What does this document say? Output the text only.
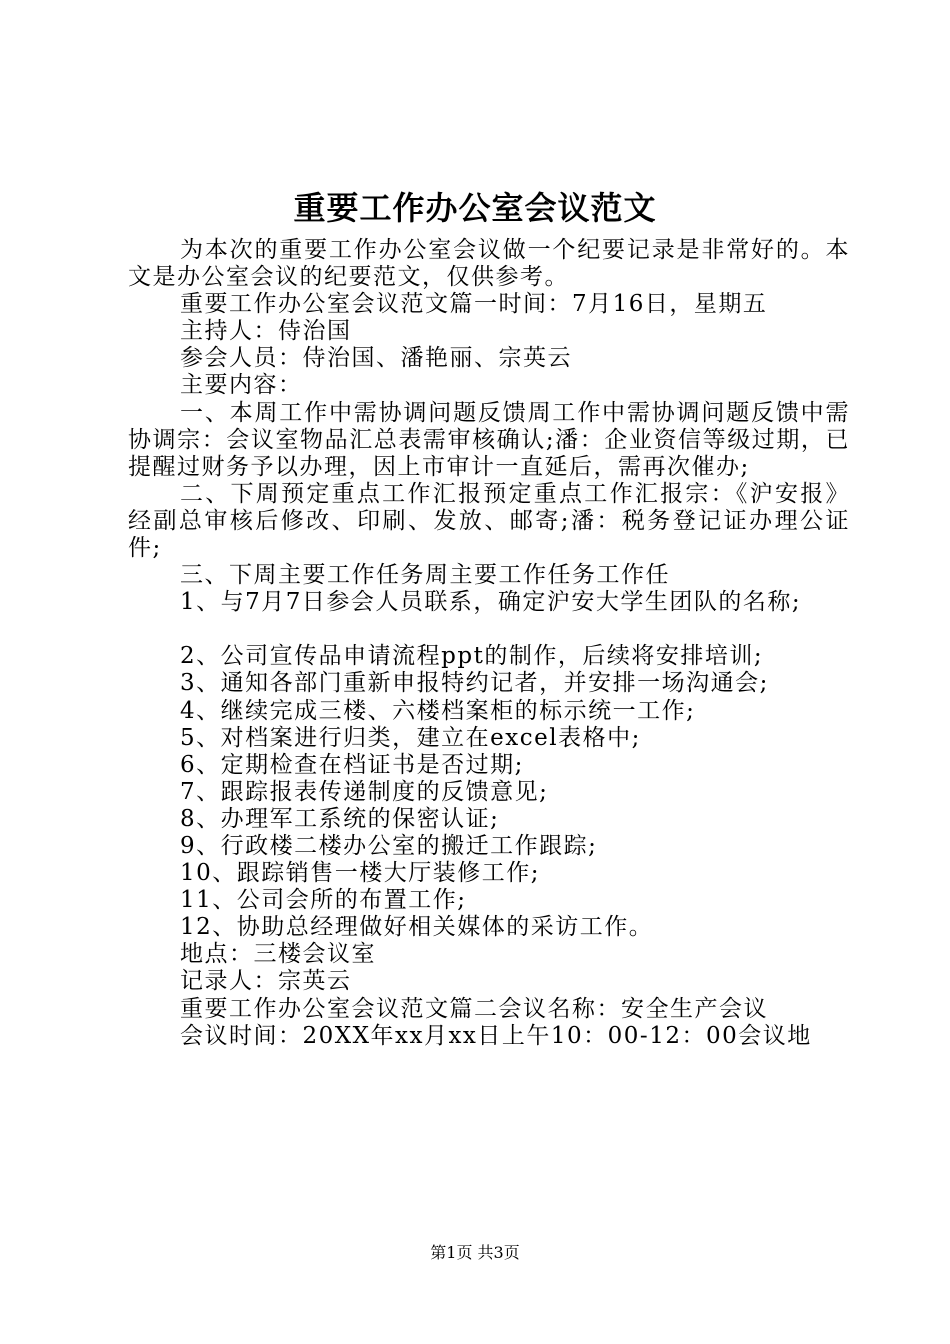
重要工作办公室会议范文

为本次的重要工作办公室会议做一个纪要记录是非常好的。本文是办公室会议的纪要范文，仅供参考。

重要工作办公室会议范文篇一时间：7月16日，星期五

主持人：侍治国

参会人员：侍治国、潘艳丽、宗英云

主要内容：

一、本周工作中需协调问题反馈周工作中需协调问题反馈中需协调宗：会议室物品汇总表需审核确认;潘：企业资信等级过期，已提醒过财务予以办理，因上市审计一直延后，需再次催办;

二、下周预定重点工作汇报预定重点工作汇报宗：《沪安报》经副总审核后修改、印刷、发放、邮寄;潘：税务登记证办理公证件;

三、下周主要工作任务周主要工作任务工作任

1、与7月7日参会人员联系，确定沪安大学生团队的名称;

2、公司宣传品申请流程ppt的制作，后续将安排培训;

3、通知各部门重新申报特约记者，并安排一场沟通会;

4、继续完成三楼、六楼档案柜的标示统一工作;

5、对档案进行归类，建立在excel表格中;

6、定期检查在档证书是否过期;

7、跟踪报表传递制度的反馈意见;

8、办理军工系统的保密认证;

9、行政楼二楼办公室的搬迁工作跟踪;

10、跟踪销售一楼大厅装修工作;

11、公司会所的布置工作;

12、协助总经理做好相关媒体的采访工作。

地点：三楼会议室

记录人：宗英云

重要工作办公室会议范文篇二会议名称：安全生产会议

会议时间：20XX年xx月xx日上午10：00-12：00会议地

第1页 共3页
